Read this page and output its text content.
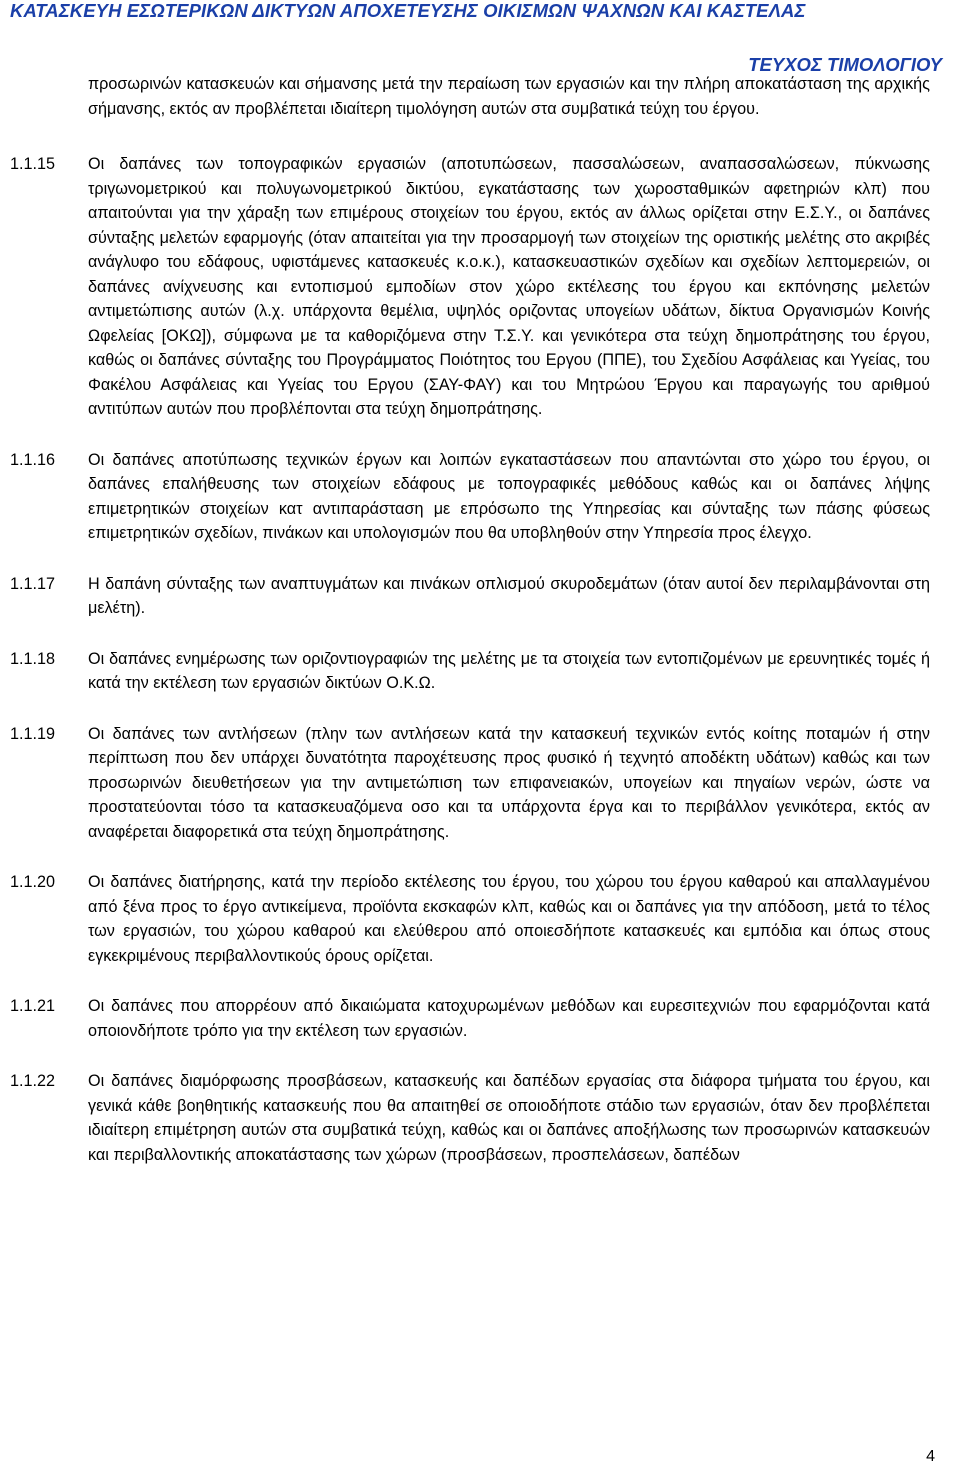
ΚΑΤΑΣΚΕΥΗ ΕΣΩΤΕΡΙΚΩΝ ΔΙΚΤΥΩΝ ΑΠΟΧΕΤΕΥΣΗΣ ΟΙΚΙΣΜΩΝ ΨΑΧΝΩΝ ΚΑΙ ΚΑΣΤΕΛΑΣ
ΤΕΥΧΟΣ ΤΙΜΟΛΟΓΙΟΥ

προσωρινών κατασκευών και σήμανσης μετά την περαίωση των εργασιών και την πλήρη αποκατάσταση της αρχικής σήμανσης, εκτός αν προβλέπεται ιδιαίτερη τιμολόγηση αυτών στα συμβατικά τεύχη του έργου.

1.1.15 Οι δαπάνες των τοπογραφικών εργασιών (αποτυπώσεων, πασσαλώσεων, αναπασσαλώσεων, πύκνωσης τριγωνομετρικού και πολυγωνομετρικού δικτύου, εγκατάστασης των χωροσταθμικών αφετηριών κλπ) που απαιτούνται για την χάραξη των επιμέρους στοιχείων του έργου, εκτός αν άλλως ορίζεται στην Ε.Σ.Υ., οι δαπάνες σύνταξης μελετών εφαρμογής (όταν απαιτείται για την προσαρμογή των στοιχείων της οριστικής μελέτης στο ακριβές ανάγλυφο του εδάφους, υφιστάμενες κατασκευές κ.ο.κ.), κατασκευαστικών σχεδίων και σχεδίων λεπτομερειών, οι δαπάνες ανίχνευσης και εντοπισμού εμποδίων στον χώρο εκτέλεσης του έργου και εκπόνησης μελετών αντιμετώπισης αυτών (λ.χ. υπάρχοντα θεμέλια, υψηλός οριζοντας υπογείων υδάτων, δίκτυα Οργανισμών Κοινής Ωφελείας [ΟΚΩ]), σύμφωνα με τα καθοριζόμενα στην Τ.Σ.Υ. και γενικότερα στα τεύχη δημοπράτησης του έργου, καθώς οι δαπάνες σύνταξης του Προγράμματος Ποιότητος του Εργου (ΠΠΕ), του Σχεδίου Ασφάλειας και Υγείας, του Φακέλου Ασφάλειας και Υγείας του Εργου (ΣΑΥ-ΦΑΥ) και του Μητρώου Έργου και παραγωγής του αριθμού αντιτύπων αυτών που προβλέπονται στα τεύχη δημοπράτησης.

1.1.16 Οι δαπάνες αποτύπωσης τεχνικών έργων και λοιπών εγκαταστάσεων που απαντώνται στο χώρο του έργου, οι δαπάνες επαλήθευσης των στοιχείων εδάφους με τοπογραφικές μεθόδους καθώς και οι δαπάνες λήψης επιμετρητικών στοιχείων κατ αντιπαράσταση με επρόσωπο της Υπηρεσίας και σύνταξης των πάσης φύσεως επιμετρητικών σχεδίων, πινάκων και υπολογισμών που θα υποβληθούν στην Υπηρεσία προς έλεγχο.

1.1.17 Η δαπάνη σύνταξης των αναπτυγμάτων και πινάκων οπλισμού σκυροδεμάτων (όταν αυτοί δεν περιλαμβάνονται στη μελέτη).

1.1.18 Οι δαπάνες ενημέρωσης των οριζοντιογραφιών της μελέτης με τα στοιχεία των εντοπιζομένων με ερευνητικές τομές ή κατά την εκτέλεση των εργασιών δικτύων Ο.Κ.Ω.

1.1.19 Οι δαπάνες των αντλήσεων (πλην των αντλήσεων κατά την κατασκευή τεχνικών εντός κοίτης ποταμών ή στην περίπτωση που δεν υπάρχει δυνατότητα παροχέτευσης προς φυσικό ή τεχνητό αποδέκτη υδάτων) καθώς και των προσωρινών διευθετήσεων για την αντιμετώπιση των επιφανειακών, υπογείων και πηγαίων νερών, ώστε να προστατεύονται τόσο τα κατασκευαζόμενα οσο και τα υπάρχοντα έργα και το περιβάλλον γενικότερα, εκτός αν αναφέρεται διαφορετικά στα τεύχη δημοπράτησης.

1.1.20 Οι δαπάνες διατήρησης, κατά την περίοδο εκτέλεσης του έργου, του χώρου του έργου καθαρού και απαλλαγμένου από ξένα προς το έργο αντικείμενα, προϊόντα εκσκαφών κλπ, καθώς και οι δαπάνες για την απόδοση, μετά το τέλος των εργασιών, του χώρου καθαρού και ελεύθερου από οποιεσδήποτε κατασκευές και εμπόδια και όπως στους εγκεκριμένους περιβαλλοντικούς όρους ορίζεται.

1.1.21 Οι δαπάνες που απορρέουν από δικαιώματα κατοχυρωμένων μεθόδων και ευρεσιτεχνιών που εφαρμόζονται κατά οποιονδήποτε τρόπο για την εκτέλεση των εργασιών.

1.1.22 Οι δαπάνες διαμόρφωσης προσβάσεων, κατασκευής και δαπέδων εργασίας στα διάφορα τμήματα του έργου, και γενικά κάθε βοηθητικής κατασκευής που θα απαιτηθεί σε οποιοδήποτε στάδιο των εργασιών, όταν δεν προβλέπεται ιδιαίτερη επιμέτρηση αυτών στα συμβατικά τεύχη, καθώς και οι δαπάνες αποξήλωσης των προσωρινών κατασκευών και περιβαλλοντικής αποκατάστασης των χώρων (προσβάσεων, προσπελάσεων, δαπέδων

4
